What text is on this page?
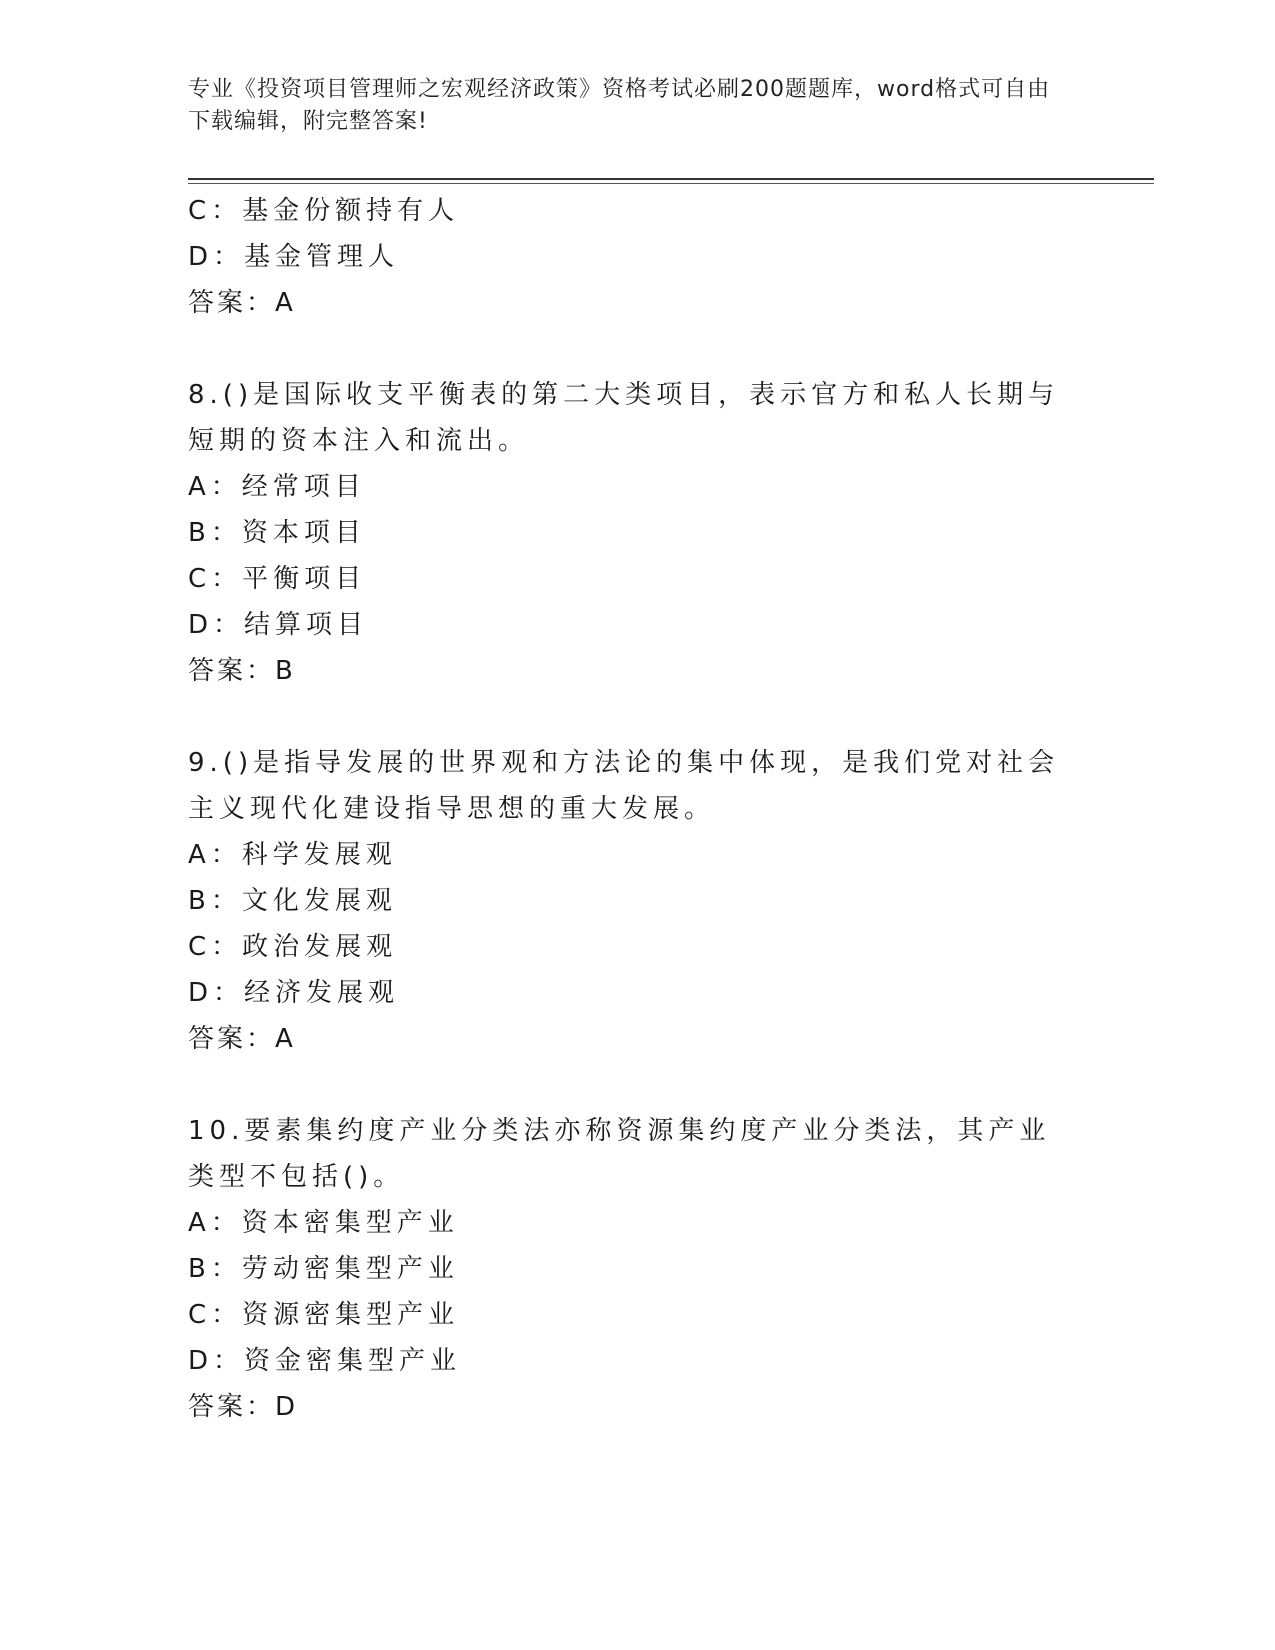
专业《投资项目管理师之宏观经济政策》资格考试必刷200题题库，word格式可自由下载编辑，附完整答案!
C：基金份额持有人
D：基金管理人
答案：A
8.()是国际收支平衡表的第二大类项目，表示官方和私人长期与短期的资本注入和流出。
A：经常项目
B：资本项目
C：平衡项目
D：结算项目
答案：B
9.()是指导发展的世界观和方法论的集中体现，是我们党对社会主义现代化建设指导思想的重大发展。
A：科学发展观
B：文化发展观
C：政治发展观
D：经济发展观
答案：A
10.要素集约度产业分类法亦称资源集约度产业分类法，其产业类型不包括()。
A：资本密集型产业
B：劳动密集型产业
C：资源密集型产业
D：资金密集型产业
答案：D
